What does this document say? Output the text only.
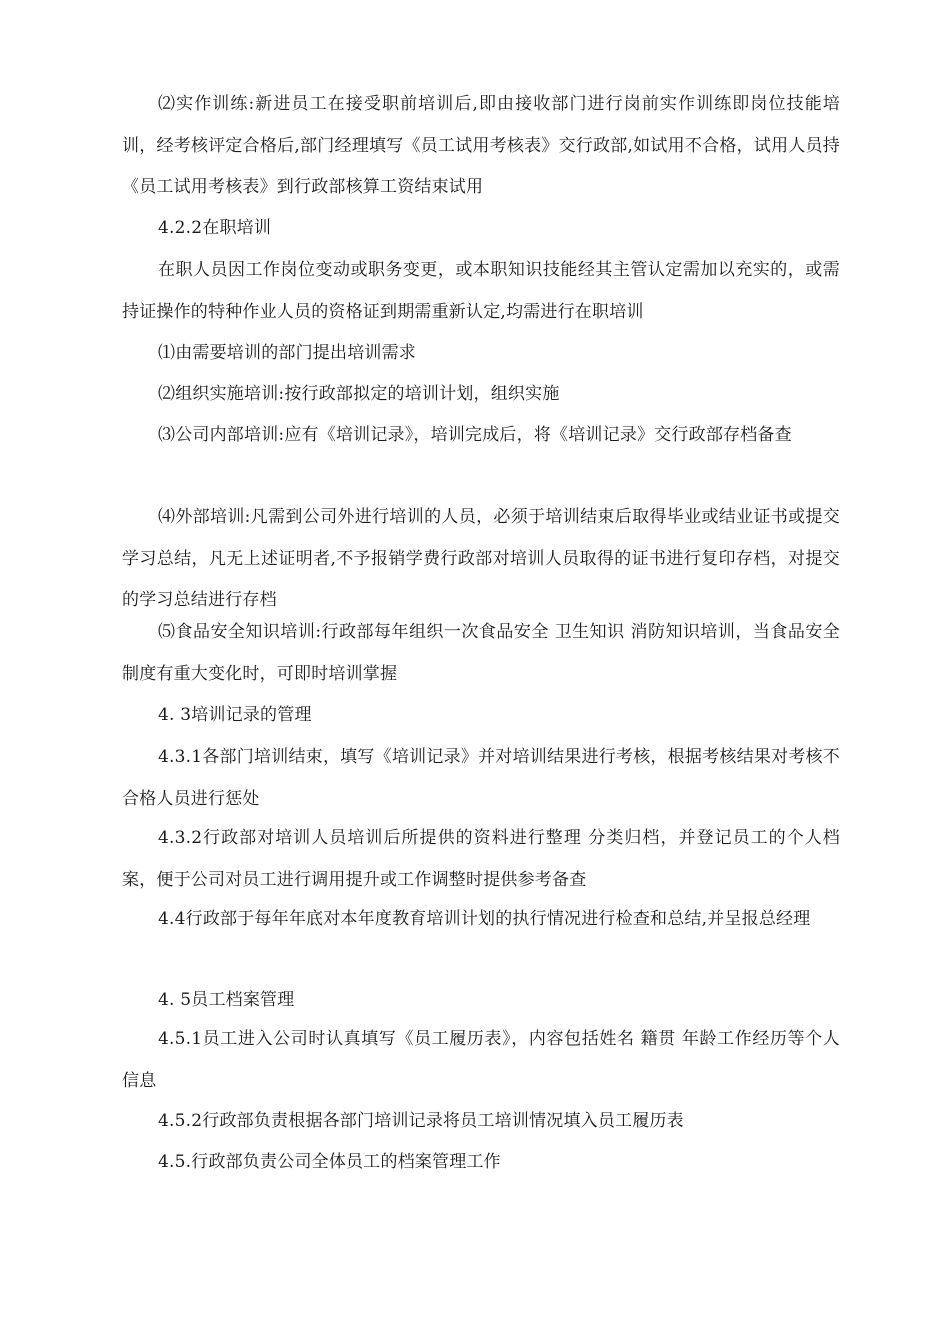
⑵实作训练:新进员工在接受职前培训后,即由接收部门进行岗前实作训练即岗位技能培训，经考核评定合格后,部门经理填写《员工试用考核表》交行政部,如试用不合格，试用人员持《员工试用考核表》到行政部核算工资结束试用

4.2.2在职培训

在职人员因工作岗位变动或职务变更，或本职知识技能经其主管认定需加以充实的，或需持证操作的特种作业人员的资格证到期需重新认定,均需进行在职培训

⑴由需要培训的部门提出培训需求

⑵组织实施培训:按行政部拟定的培训计划，组织实施

⑶公司内部培训:应有《培训记录》，培训完成后，将《培训记录》交行政部存档备查

⑷外部培训:凡需到公司外进行培训的人员，必须于培训结束后取得毕业或结业证书或提交学习总结，凡无上述证明者,不予报销学费行政部对培训人员取得的证书进行复印存档，对提交的学习总结进行存档

⑸食品安全知识培训:行政部每年组织一次食品安全 卫生知识 消防知识培训，当食品安全制度有重大变化时，可即时培训掌握

4. 3培训记录的管理

4.3.1各部门培训结束，填写《培训记录》并对培训结果进行考核，根据考核结果对考核不合格人员进行惩处

4.3.2行政部对培训人员培训后所提供的资料进行整理 分类归档，并登记员工的个人档案，便于公司对员工进行调用提升或工作调整时提供参考备查

4.4行政部于每年年底对本年度教育培训计划的执行情况进行检查和总结,并呈报总经理

4. 5员工档案管理

4.5.1员工进入公司时认真填写《员工履历表》，内容包括姓名 籍贯 年龄工作经历等个人信息

4.5.2行政部负责根据各部门培训记录将员工培训情况填入员工履历表

4.5.行政部负责公司全体员工的档案管理工作
